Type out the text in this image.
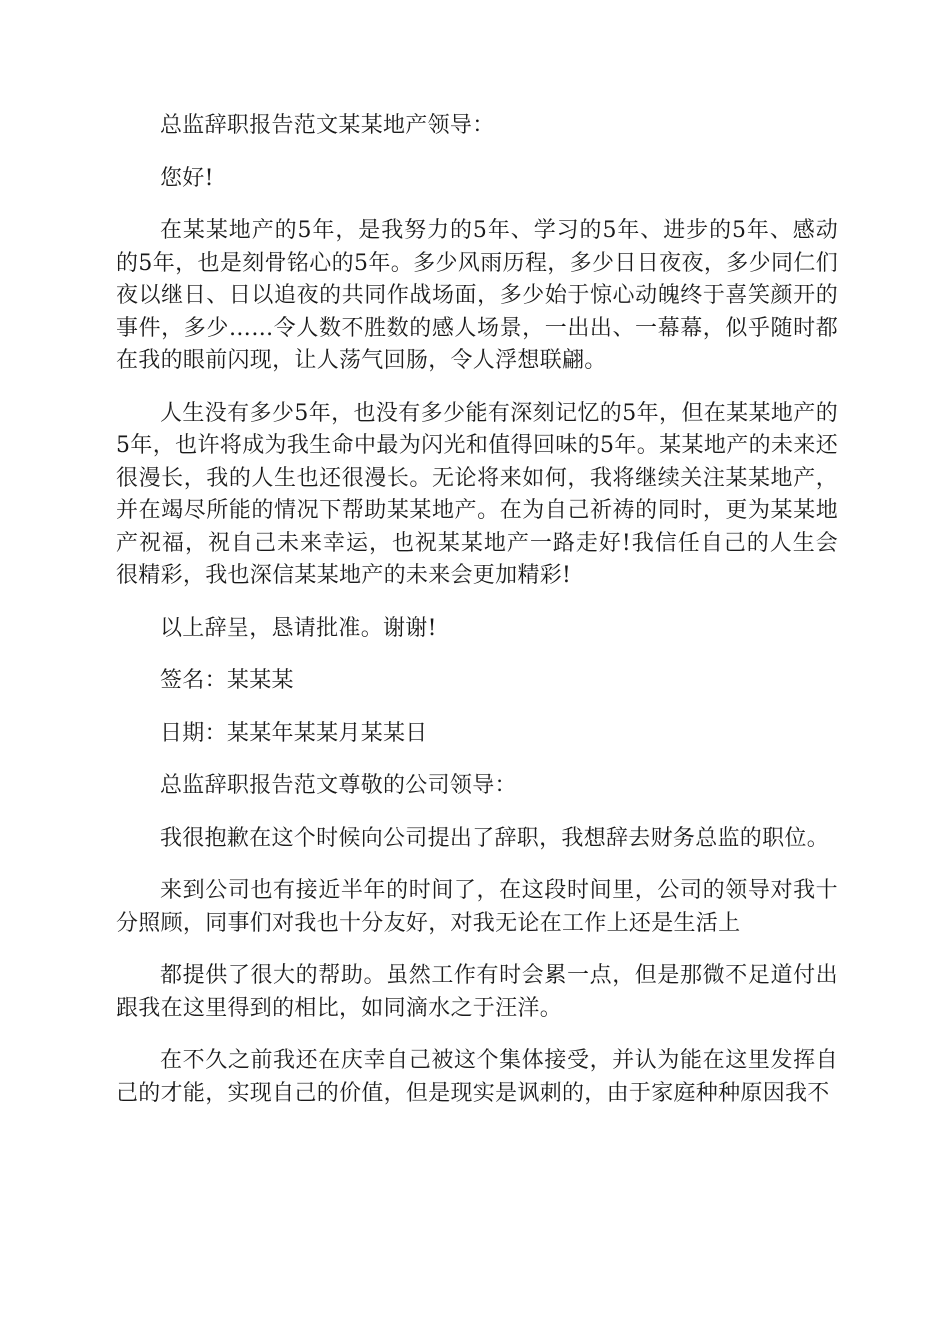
总监辞职报告范文某某地产领导：

您好!

在某某地产的5年，是我努力的5年、学习的5年、进步的5年、感动的5年，也是刻骨铭心的5年。多少风雨历程，多少日日夜夜，多少同仁们夜以继日、日以追夜的共同作战场面，多少始于惊心动魄终于喜笑颜开的事件，多少……令人数不胜数的感人场景，一出出、一幕幕，似乎随时都在我的眼前闪现，让人荡气回肠，令人浮想联翩。

人生没有多少5年，也没有多少能有深刻记忆的5年，但在某某地产的5年，也许将成为我生命中最为闪光和值得回味的5年。某某地产的未来还很漫长，我的人生也还很漫长。无论将来如何，我将继续关注某某地产，并在竭尽所能的情况下帮助某某地产。在为自己祈祷的同时，更为某某地产祝福，祝自己未来幸运，也祝某某地产一路走好!我信任自己的人生会很精彩，我也深信某某地产的未来会更加精彩!

以上辞呈，恳请批准。谢谢!

签名：某某某

日期：某某年某某月某某日

总监辞职报告范文尊敬的公司领导：

我很抱歉在这个时候向公司提出了辞职，我想辞去财务总监的职位。

来到公司也有接近半年的时间了，在这段时间里，公司的领导对我十分照顾，同事们对我也十分友好，对我无论在工作上还是生活上

都提供了很大的帮助。虽然工作有时会累一点，但是那微不足道付出跟我在这里得到的相比，如同滴水之于汪洋。

在不久之前我还在庆幸自己被这个集体接受，并认为能在这里发挥自己的才能，实现自己的价值，但是现实是讽刺的，由于家庭种种原因我不
